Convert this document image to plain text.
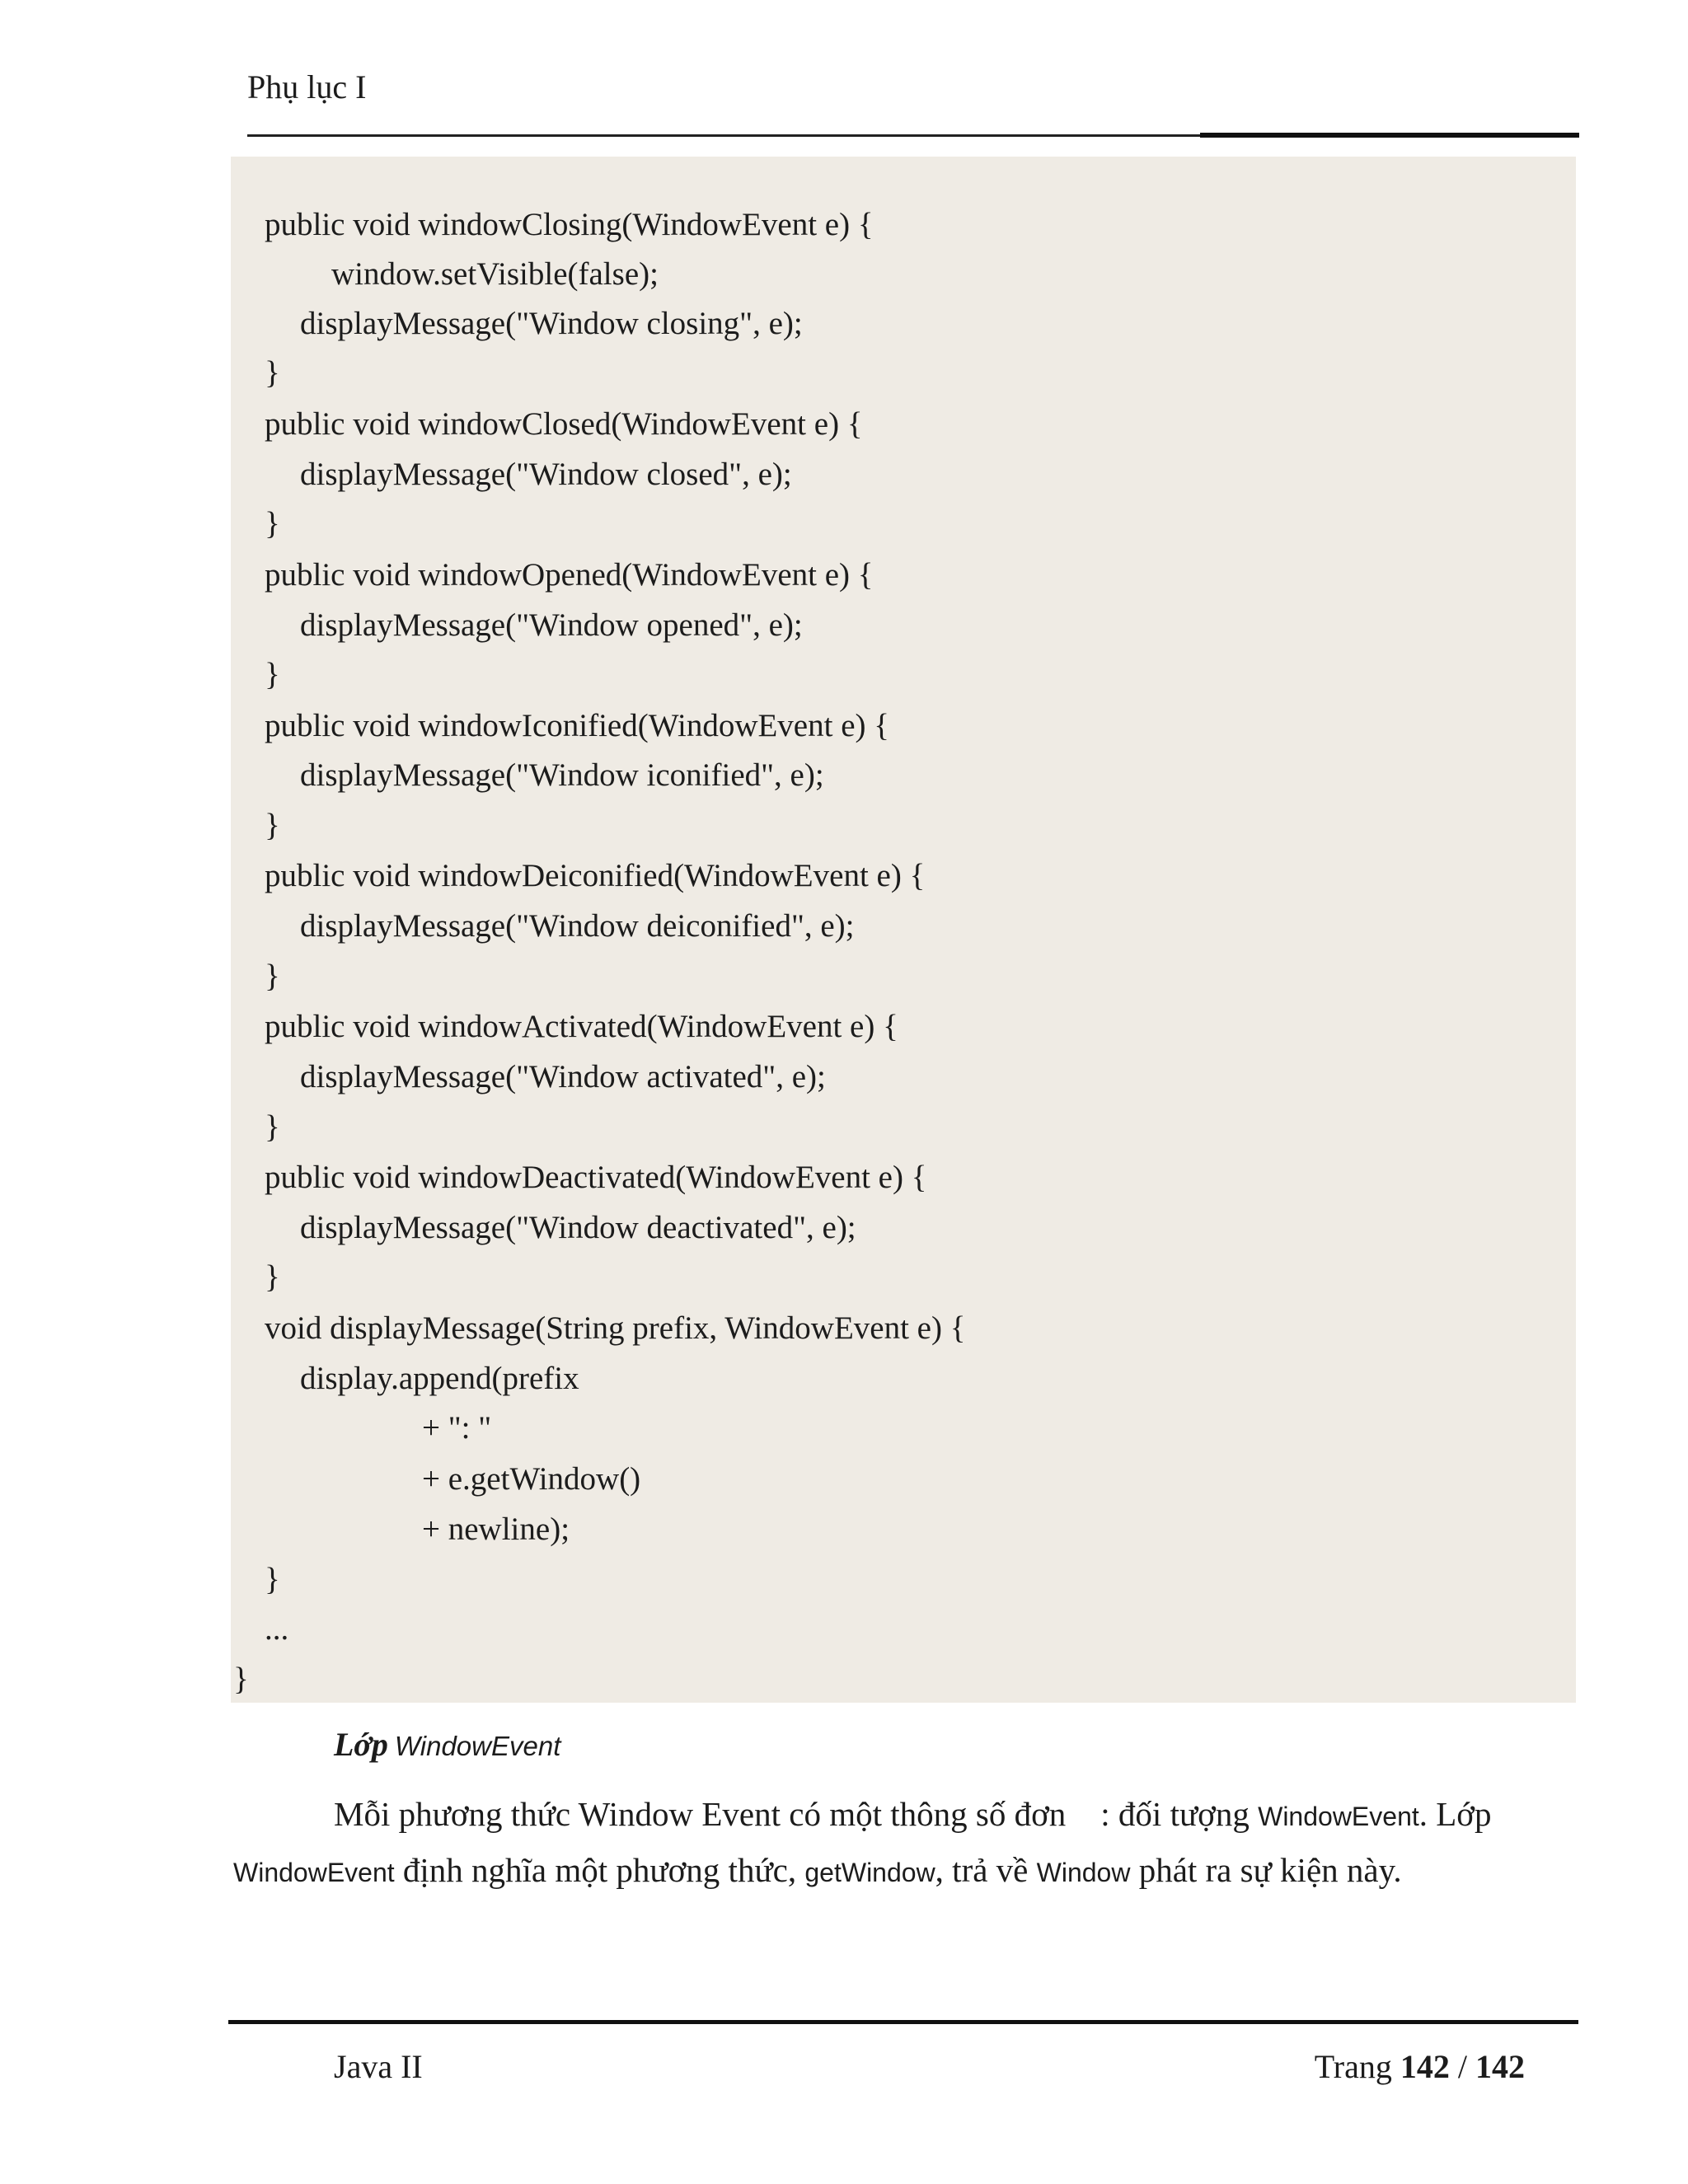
Phụ lục I
public void windowClosing(WindowEvent e) {
window.setVisible(false);
displayMessage("Window closing", e);
}
public void windowClosed(WindowEvent e) {
displayMessage("Window closed", e);
}
public void windowOpened(WindowEvent e) {
displayMessage("Window opened", e);
}
public void windowIconified(WindowEvent e) {
displayMessage("Window iconified", e);
}
public void windowDeiconified(WindowEvent e) {
displayMessage("Window deiconified", e);
}
public void windowActivated(WindowEvent e) {
displayMessage("Window activated", e);
}
public void windowDeactivated(WindowEvent e) {
displayMessage("Window deactivated", e);
}
void displayMessage(String prefix, WindowEvent e) {
display.append(prefix
+ ": "
+ e.getWindow()
+ newline);
}
...
}
Lớp WindowEvent
Mỗi phương thức Window Event có một thông số đơn : đối tượng WindowEvent. Lớp
WindowEvent định nghĩa một phương thức, getWindow, trả về Window phát ra sự kiện này.
Java II	Trang 142 / 142
